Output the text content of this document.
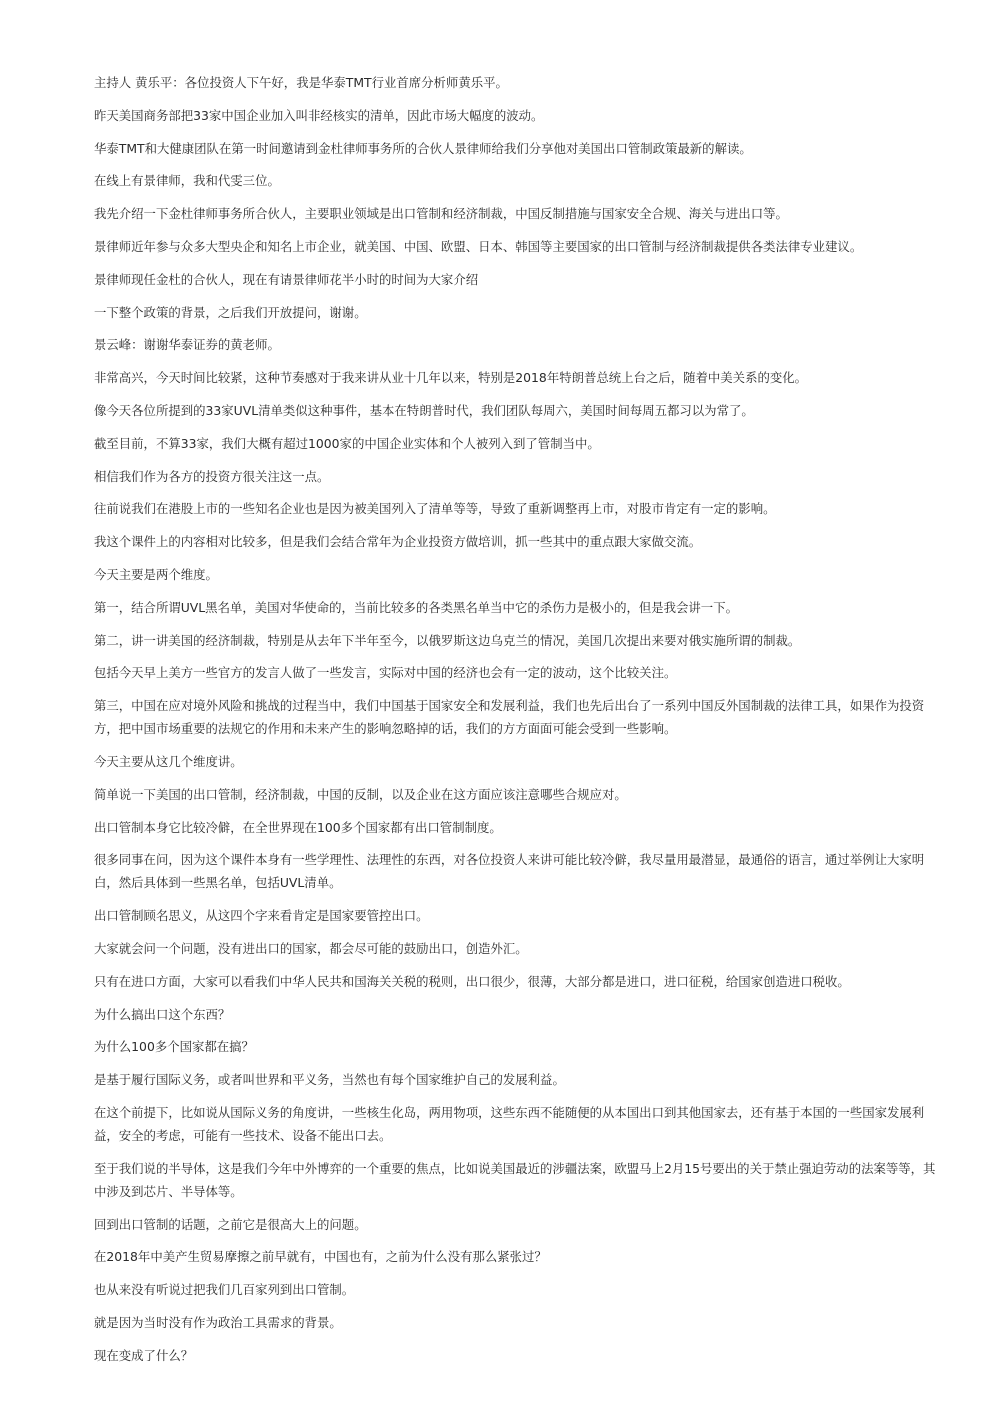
主持人 黄乐平：各位投资人下午好，我是华泰TMT行业首席分析师黄乐平。

昨天美国商务部把33家中国企业加入叫非经核实的清单，因此市场大幅度的波动。

华泰TMT和大健康团队在第一时间邀请到金杜律师事务所的合伙人景律师给我们分享他对美国出口管制政策最新的解读。

在线上有景律师，我和代雯三位。

我先介绍一下金杜律师事务所合伙人，主要职业领域是出口管制和经济制裁，中国反制措施与国家安全合规、海关与进出口等。

景律师近年参与众多大型央企和知名上市企业，就美国、中国、欧盟、日本、韩国等主要国家的出口管制与经济制裁提供各类法律专业建议。

景律师现任金杜的合伙人，现在有请景律师花半小时的时间为大家介绍

一下整个政策的背景，之后我们开放提问，谢谢。

景云峰：谢谢华泰证券的黄老师。

非常高兴，今天时间比较紧，这种节奏感对于我来讲从业十几年以来，特别是2018年特朗普总统上台之后，随着中美关系的变化。

像今天各位所提到的33家UVL清单类似这种事件，基本在特朗普时代，我们团队每周六，美国时间每周五都习以为常了。

截至目前，不算33家，我们大概有超过1000家的中国企业实体和个人被列入到了管制当中。

相信我们作为各方的投资方很关注这一点。

往前说我们在港股上市的一些知名企业也是因为被美国列入了清单等等，导致了重新调整再上市，对股市肯定有一定的影响。

我这个课件上的内容相对比较多，但是我们会结合常年为企业投资方做培训，抓一些其中的重点跟大家做交流。

今天主要是两个维度。

第一，结合所谓UVL黑名单，美国对华使命的，当前比较多的各类黑名单当中它的杀伤力是极小的，但是我会讲一下。

第二，讲一讲美国的经济制裁，特别是从去年下半年至今，以俄罗斯这边乌克兰的情况，美国几次提出来要对俄实施所谓的制裁。

包括今天早上美方一些官方的发言人做了一些发言，实际对中国的经济也会有一定的波动，这个比较关注。

第三，中国在应对境外风险和挑战的过程当中，我们中国基于国家安全和发展利益，我们也先后出台了一系列中国反外国制裁的法律工具，如果作为投资方，把中国市场重要的法规它的作用和未来产生的影响忽略掉的话，我们的方方面面可能会受到一些影响。

今天主要从这几个维度讲。

简单说一下美国的出口管制，经济制裁，中国的反制，以及企业在这方面应该注意哪些合规应对。

出口管制本身它比较冷僻，在全世界现在100多个国家都有出口管制制度。

很多同事在问，因为这个课件本身有一些学理性、法理性的东西，对各位投资人来讲可能比较冷僻，我尽量用最潜显，最通俗的语言，通过举例让大家明白，然后具体到一些黑名单，包括UVL清单。

出口管制顾名思义，从这四个字来看肯定是国家要管控出口。

大家就会问一个问题，没有进出口的国家，都会尽可能的鼓励出口，创造外汇。

只有在进口方面，大家可以看我们中华人民共和国海关关税的税则，出口很少，很薄，大部分都是进口，进口征税，给国家创造进口税收。

为什么搞出口这个东西？

为什么100多个国家都在搞？

是基于履行国际义务，或者叫世界和平义务，当然也有每个国家维护自己的发展利益。

在这个前提下，比如说从国际义务的角度讲，一些核生化岛，两用物项，这些东西不能随便的从本国出口到其他国家去，还有基于本国的一些国家发展利益，安全的考虑，可能有一些技术、设备不能出口去。

至于我们说的半导体，这是我们今年中外博弈的一个重要的焦点，比如说美国最近的涉疆法案，欧盟马上2月15号要出的关于禁止强迫劳动的法案等等，其中涉及到芯片、半导体等。

回到出口管制的话题，之前它是很高大上的问题。

在2018年中美产生贸易摩擦之前早就有，中国也有，之前为什么没有那么紧张过？

也从来没有听说过把我们几百家列到出口管制。

就是因为当时没有作为政治工具需求的背景。

现在变成了什么？
